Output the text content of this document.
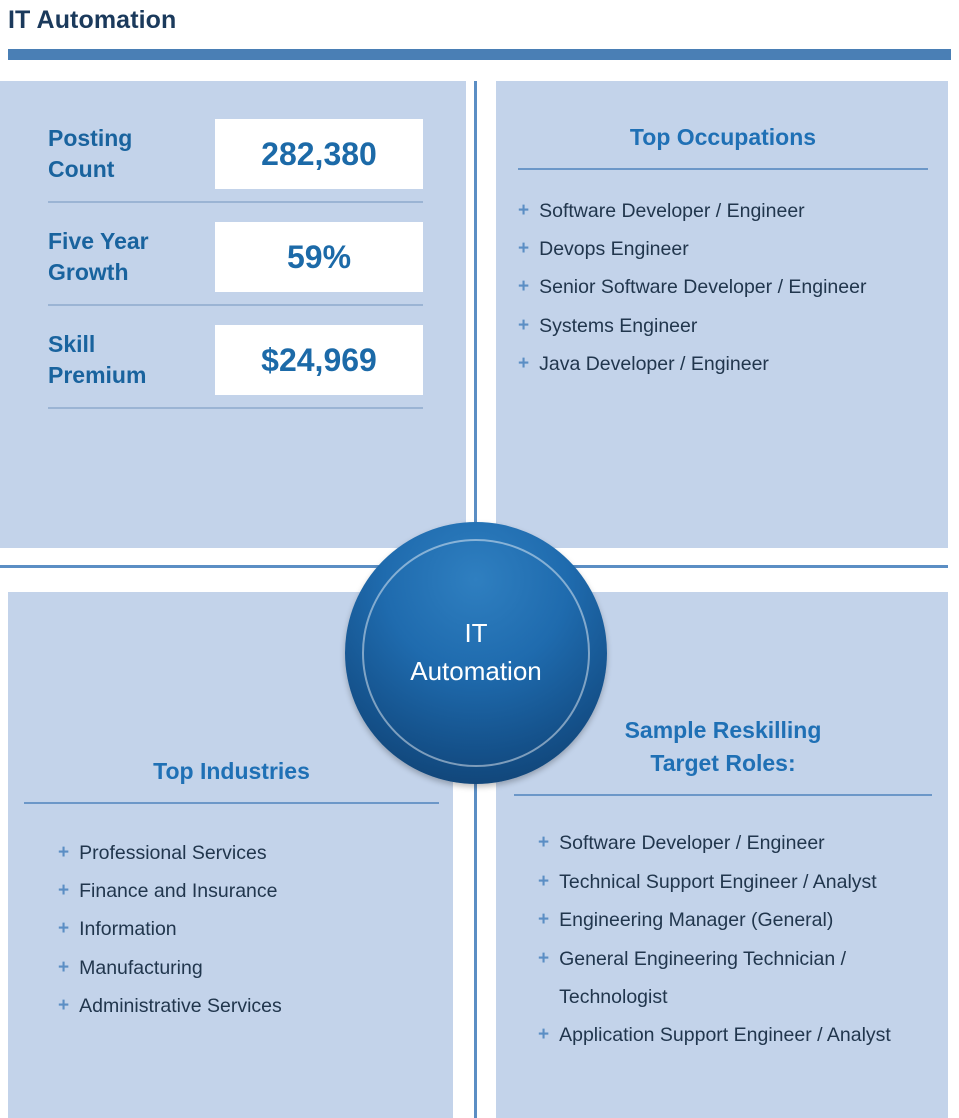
IT Automation
Posting Count	282,380
Five Year Growth	59%
Skill Premium	$24,969
Top Occupations
+ Software Developer / Engineer
+ Devops Engineer
+ Senior Software Developer / Engineer
+ Systems Engineer
+ Java Developer / Engineer
Top Industries
+ Professional Services
+ Finance and Insurance
+ Information
+ Manufacturing
+ Administrative Services
Sample Reskilling
Target Roles:
+ Software Developer / Engineer
+ Technical Support Engineer / Analyst
+ Engineering Manager (General)
+ General Engineering Technician / Technologist
+ Application Support Engineer / Analyst
IT
Automation
